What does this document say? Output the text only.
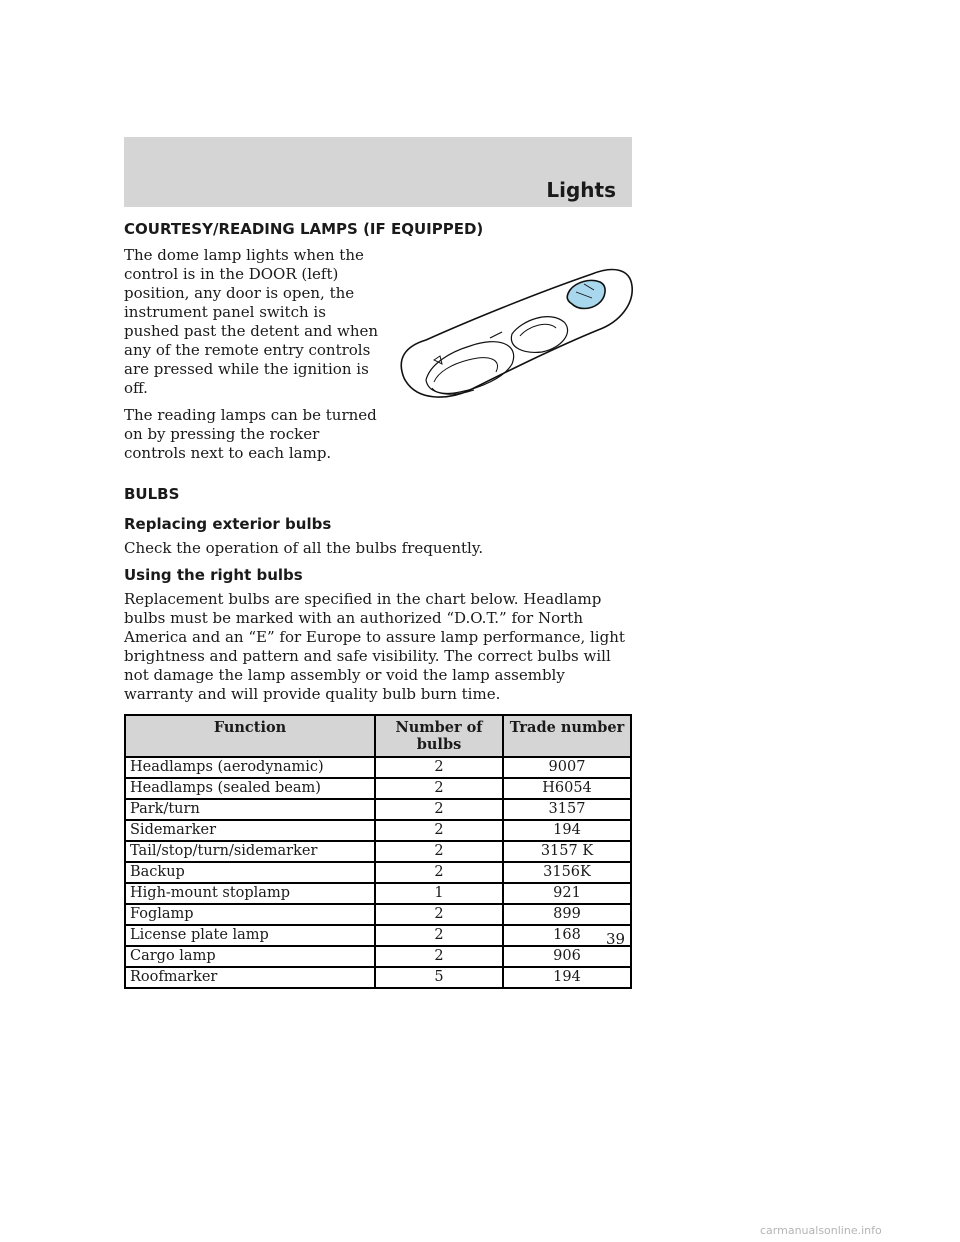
Lights
COURTESY/READING LAMPS (IF EQUIPPED)

The dome lamp lights when the control is in the DOOR (left) position, any door is open, the instrument panel switch is pushed past the detent and when any of the remote entry controls are pressed while the ignition is off.

The reading lamps can be turned on by pressing the rocker controls next to each lamp.

BULBS
Replacing exterior bulbs

Check the operation of all the bulbs frequently.

Using the right bulbs

Replacement bulbs are specified in the chart below. Headlamp bulbs must be marked with an authorized “D.O.T.” for North America and an “E” for Europe to assure lamp performance, light brightness and pattern and safe visibility. The correct bulbs will not damage the lamp assembly or void the lamp assembly warranty and will provide quality bulb burn time.

Function	Number of bulbs	Trade number
Headlamps (aerodynamic)	2	9007
Headlamps (sealed beam)	2	H6054
Park/turn	2	3157
Sidemarker	2	194
Tail/stop/turn/sidemarker	2	3157 K
Backup	2	3156K
High-mount stoplamp	1	921
Foglamp	2	899
License plate lamp	2	168
Cargo lamp	2	906
Roofmarker	5	194
39
carmanualsonline.info
